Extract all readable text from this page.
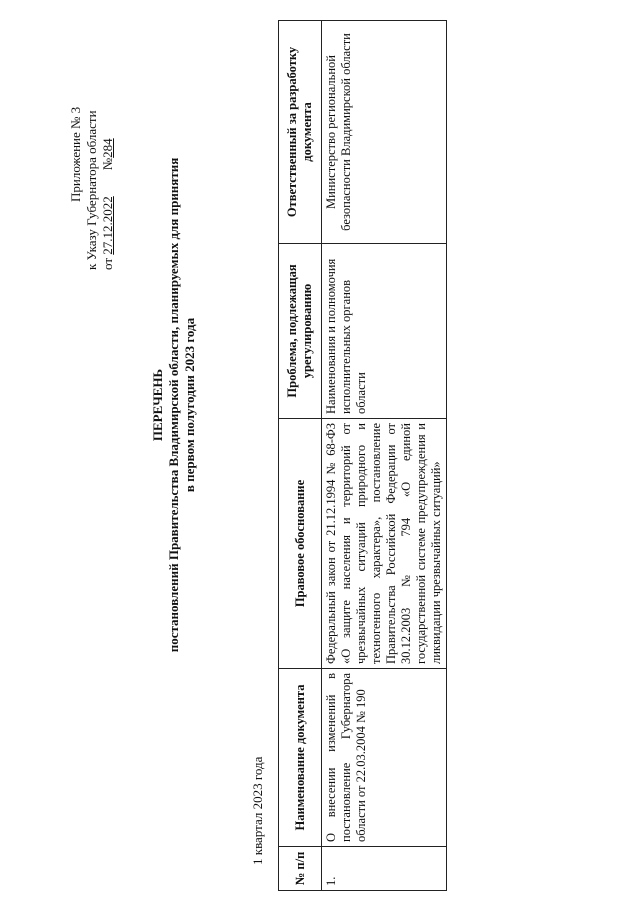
Приложение № 3 к Указу Губернатора области от 27.12.2022        №284
ПЕРЕЧЕНЬ постановлений Правительства Владимирской области, планируемых для принятия в первом полугодии 2023 года
1 квартал 2023 года
№ п/п	Наименование документа	Правовое обоснование	Проблема, подлежащая урегулированию	Ответственный за разработку документа
1.	О внесении изменений в постановление Губернатора области от 22.03.2004 № 190	Федеральный закон от 21.12.1994 № 68-ФЗ «О защите населения и территорий от чрезвычайных ситуаций природного и техногенного характера», постановление Правительства Российской Федерации от 30.12.2003 № 794 «О единой государственной системе предупреждения и ликвидации чрезвычайных ситуаций»	Наименования и полномочия исполнительных органов области	Министерство региональной безопасности Владимирской области
